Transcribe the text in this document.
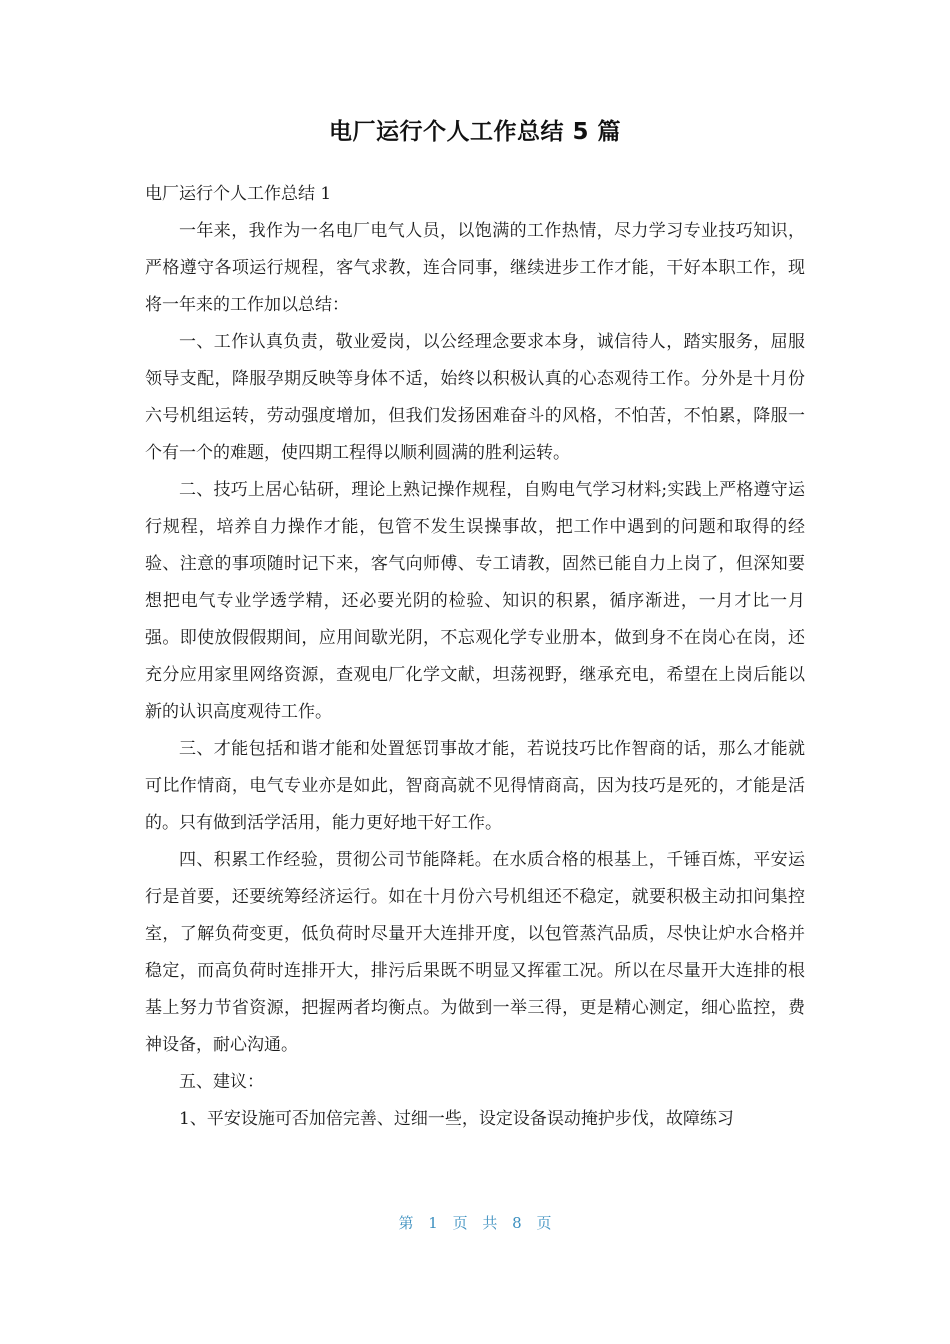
电厂运行个人工作总结 5 篇

电厂运行个人工作总结 1

一年来，我作为一名电厂电气人员，以饱满的工作热情，尽力学习专业技巧知识，严格遵守各项运行规程，客气求教，连合同事，继续进步工作才能，干好本职工作，现将一年来的工作加以总结：

一、工作认真负责，敬业爱岗，以公经理念要求本身，诚信待人，踏实服务，屈服领导支配，降服孕期反映等身体不适，始终以积极认真的心态观待工作。分外是十月份六号机组运转，劳动强度增加，但我们发扬困难奋斗的风格，不怕苦，不怕累，降服一个有一个的难题，使四期工程得以顺利圆满的胜利运转。

二、技巧上居心钻研，理论上熟记操作规程，自购电气学习材料;实践上严格遵守运行规程，培养自力操作才能，包管不发生误操事故，把工作中遇到的问题和取得的经验、注意的事项随时记下来，客气向师傅、专工请教，固然已能自力上岗了，但深知要想把电气专业学透学精，还必要光阴的检验、知识的积累，循序渐进，一月才比一月强。即使放假假期间，应用间歇光阴，不忘观化学专业册本，做到身不在岗心在岗，还充分应用家里网络资源，查观电厂化学文献，坦荡视野，继承充电，希望在上岗后能以新的认识高度观待工作。

三、才能包括和谐才能和处置惩罚事故才能，若说技巧比作智商的话，那么才能就可比作情商，电气专业亦是如此，智商高就不见得情商高，因为技巧是死的，才能是活的。只有做到活学活用，能力更好地干好工作。

四、积累工作经验，贯彻公司节能降耗。在水质合格的根基上，千锤百炼，平安运行是首要，还要统筹经济运行。如在十月份六号机组还不稳定，就要积极主动扣问集控室，了解负荷变更，低负荷时尽量开大连排开度，以包管蒸汽品质，尽快让炉水合格并稳定，而高负荷时连排开大，排污后果既不明显又挥霍工况。所以在尽量开大连排的根基上努力节省资源，把握两者均衡点。为做到一举三得，更是精心测定，细心监控，费神设备，耐心沟通。

五、建议：

1、平安设施可否加倍完善、过细一些，设定设备误动掩护步伐，故障练习

第 1 页 共 8 页
